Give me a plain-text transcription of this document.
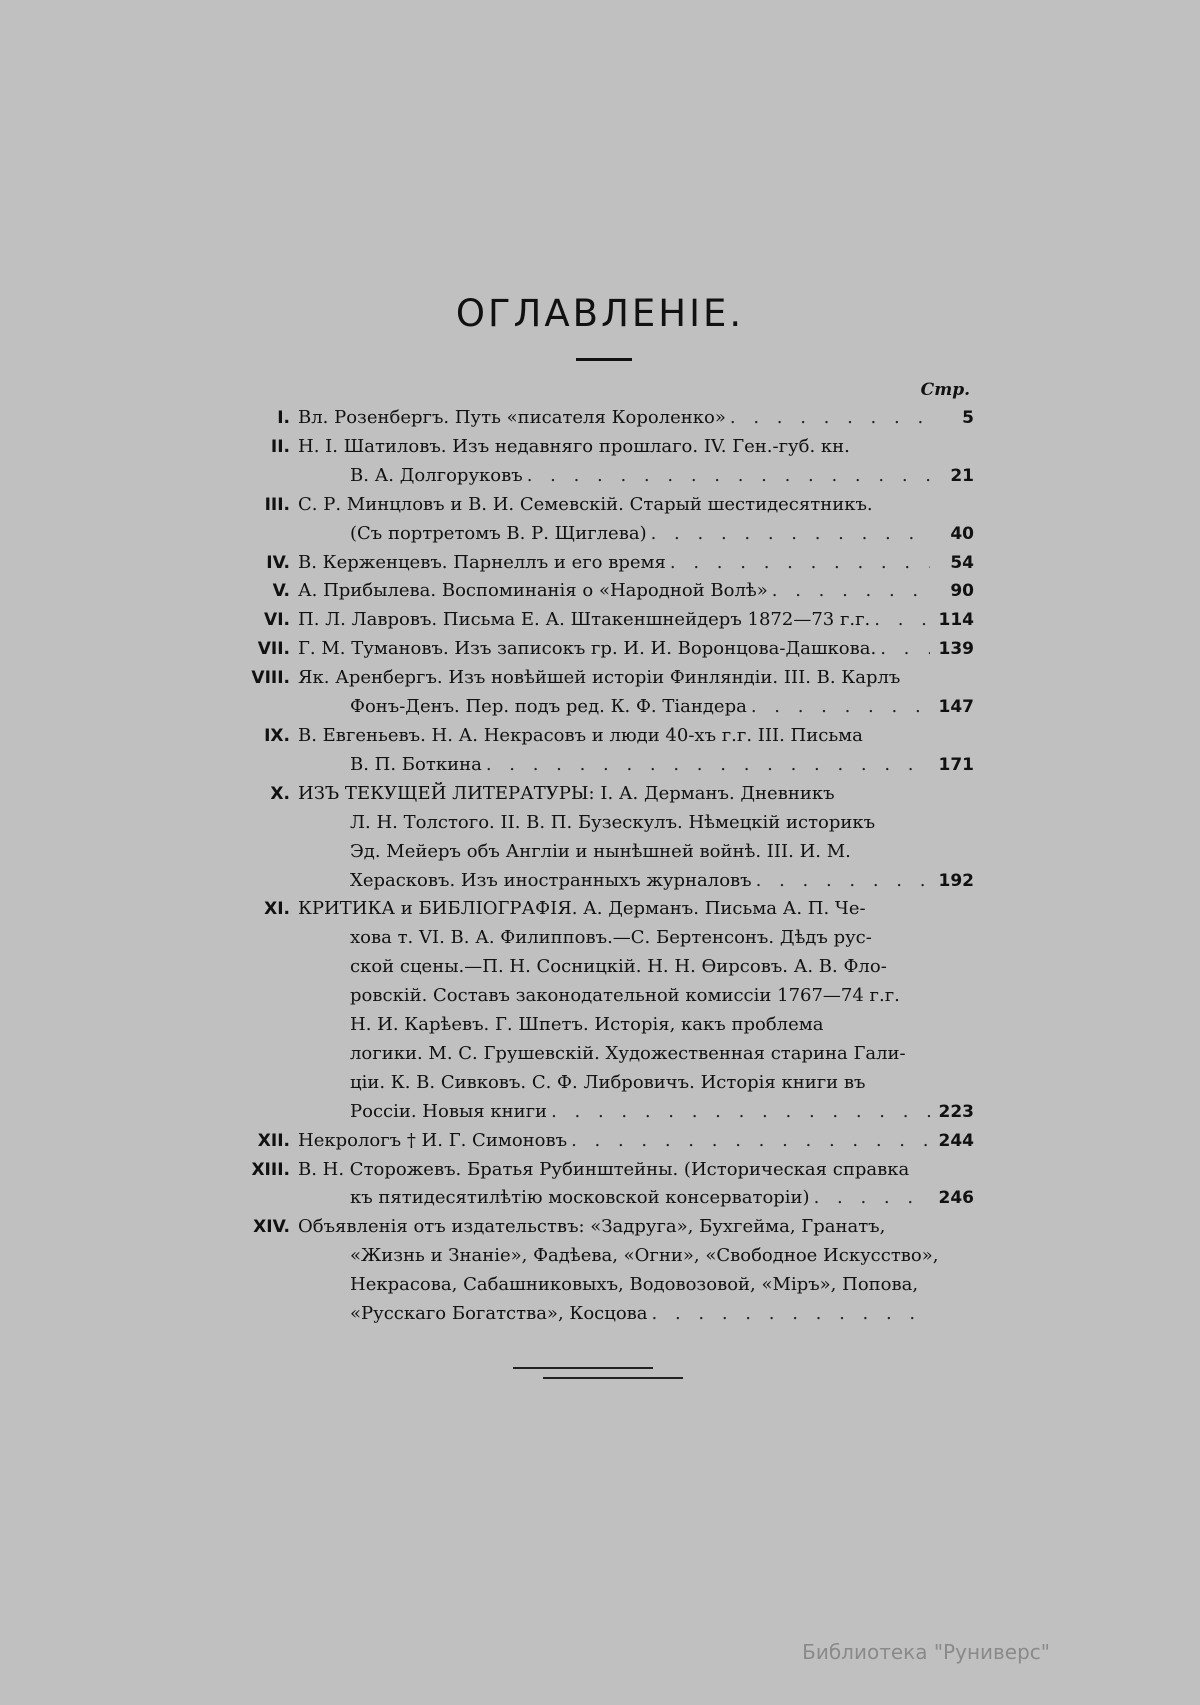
ОГЛАВЛЕНIЕ.
Стр.
I. Вл. Розенбергъ. Путь «писателя Короленко» . . .	5
II. Н. I. Шатиловъ. Изъ недавняго прошлаго. IV. Ген.-губ. кн.
В. А. Долгоруковъ . . .	21
III. С. Р. Минцловъ и В. И. Семевскiй. Старый шестидесятникъ.
(Съ портретомъ В. Р. Щиглева) . . .	40
IV. В. Керженцевъ. Парнеллъ и его время . . .	54
V. А. Прибылева. Воспоминанiя о «Народной Волѣ» . . .	90
VI. П. Л. Лавровъ. Письма Е. А. Штакеншнейдеръ 1872—73 г.г. . . .	114
VII. Г. М. Тумановъ. Изъ записокъ гр. И. И. Воронцова-Дашкова. . . .	139
VIII. Як. Аренбергъ. Изъ новѣйшей исторiи Финляндiи. III. В. Карлъ
Фонъ-Денъ. Пер. подъ ред. К. Ф. Тiандера . . .	147
IX. В. Евгеньевъ. Н. А. Некрасовъ и люди 40-хъ г.г. III. Письма
В. П. Боткина . . .	171
X. ИЗЪ ТЕКУЩЕЙ ЛИТЕРАТУРЫ: I. А. Дерманъ. Дневникъ
Л. Н. Толстого. II. В. П. Бузескулъ. Нѣмецкiй историкъ
Эд. Мейеръ объ Англiи и нынѣшней войнѣ. III. И. М.
Херасковъ. Изъ иностранныхъ журналовъ . . .	192
XI. КРИТИКА и БИБЛIОГРАФIЯ. А. Дерманъ. Письма А. П. Че-
хова т. VI. В. А. Филипповъ.—С. Бертенсонъ. Дѣдъ рус-
ской сцены.—П. Н. Сосницкiй. Н. Н. Ѳирсовъ. А. В. Фло-
ровскiй. Составъ законодательной комиссiи 1767—74 г.г.
Н. И. Карѣевъ. Г. Шпетъ. Исторiя, какъ проблема
логики. М. С. Грушевскiй. Художественная старина Гали-
цiи. К. В. Сивковъ. С. Ф. Либровичъ. Исторiя книги въ
Россiи. Новыя книги . . .	223
XII. Некрологъ † И. Г. Симоновъ . . .	244
XIII. В. Н. Сторожевъ. Братья Рубинштейны. (Историческая справка
къ пятидесятилѣтiю московской консерваторiи) . . .	246
XIV. Объявленiя отъ издательствъ: «Задруга», Бухгейма, Гранатъ,
«Жизнь и Знанiе», Фадѣева, «Огни», «Свободное Искусство»,
Некрасова, Сабашниковыхъ, Водовозовой, «Мiръ», Попова,
«Русскаго Богатства», Косцова
. . .
Библиотека "Руниверс"
